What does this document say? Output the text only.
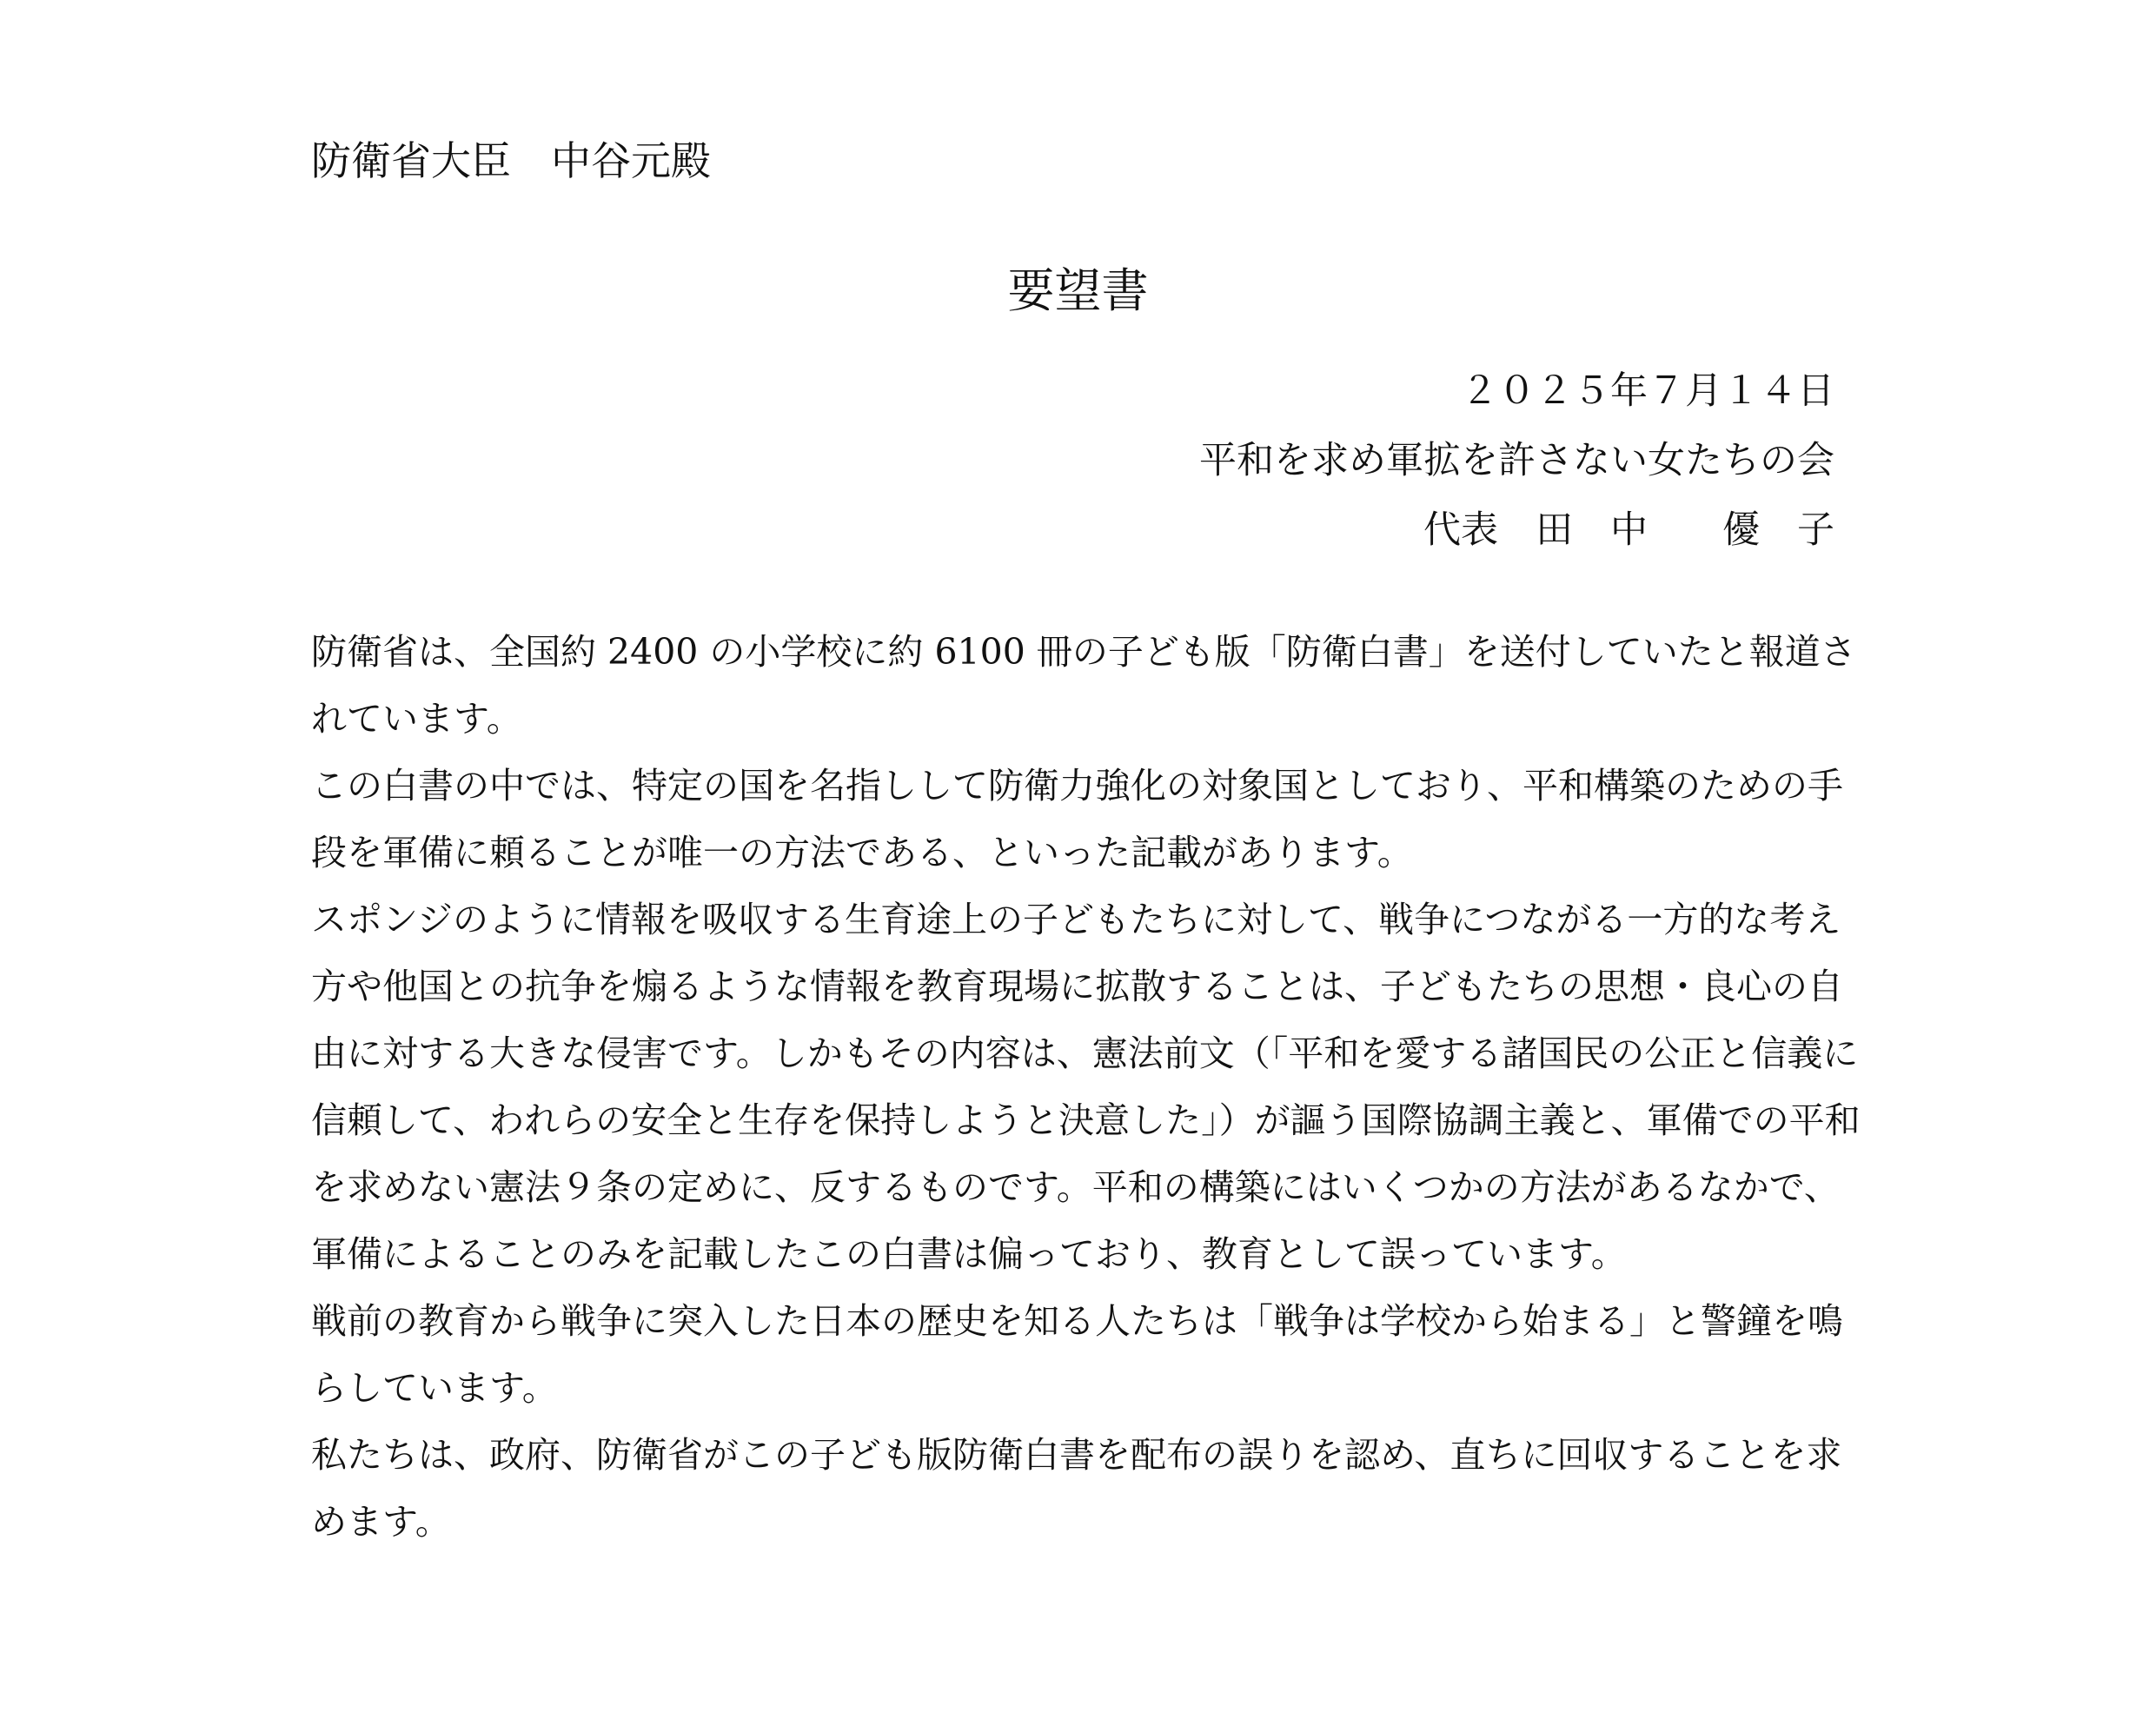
防衛省大臣　中谷元殿
要望書
２０２５年７月１４日
平和を求め軍拡を許さない女たちの会
代表　田　中　　優　子

防衛省は、全国約 2400 の小学校に約 6100 冊の子ども版「防衛白書」を送付していたと報道されています。

この白書の中では、特定の国を名指しして防衛力強化の対象国としており、平和構築のための手段を軍備に頼ることが唯一の方法である、といった記載があります。

スポンジのように情報を吸収する生育途上の子どもたちに対して、戦争につながる一方的な考え方や他国との抗争を煽るような情報を教育現場に拡散することは、子どもたちの思想・良心の自由に対する大きな侵害です。しかもその内容は、憲法前文（「平和を愛する諸国民の公正と信義に信頼して、われらの安全と生存を保持しようと決意した」）が謳う国際協調主義と、軍備での平和を求めない憲法９条の定めに、反するものです。平和の構築にはいくつかの方法があるなかで、軍備によることのみを記載したこの白書は偏っており、教育として誤っています。

戦前の教育から戦争に突入した日本の歴史を知る人たちは「戦争は学校から始まる」と警鐘を鳴らしています。

私たちは、政府、防衛省がこの子ども版防衛白書を配布の誤りを認め、直ちに回収することを求めます。
